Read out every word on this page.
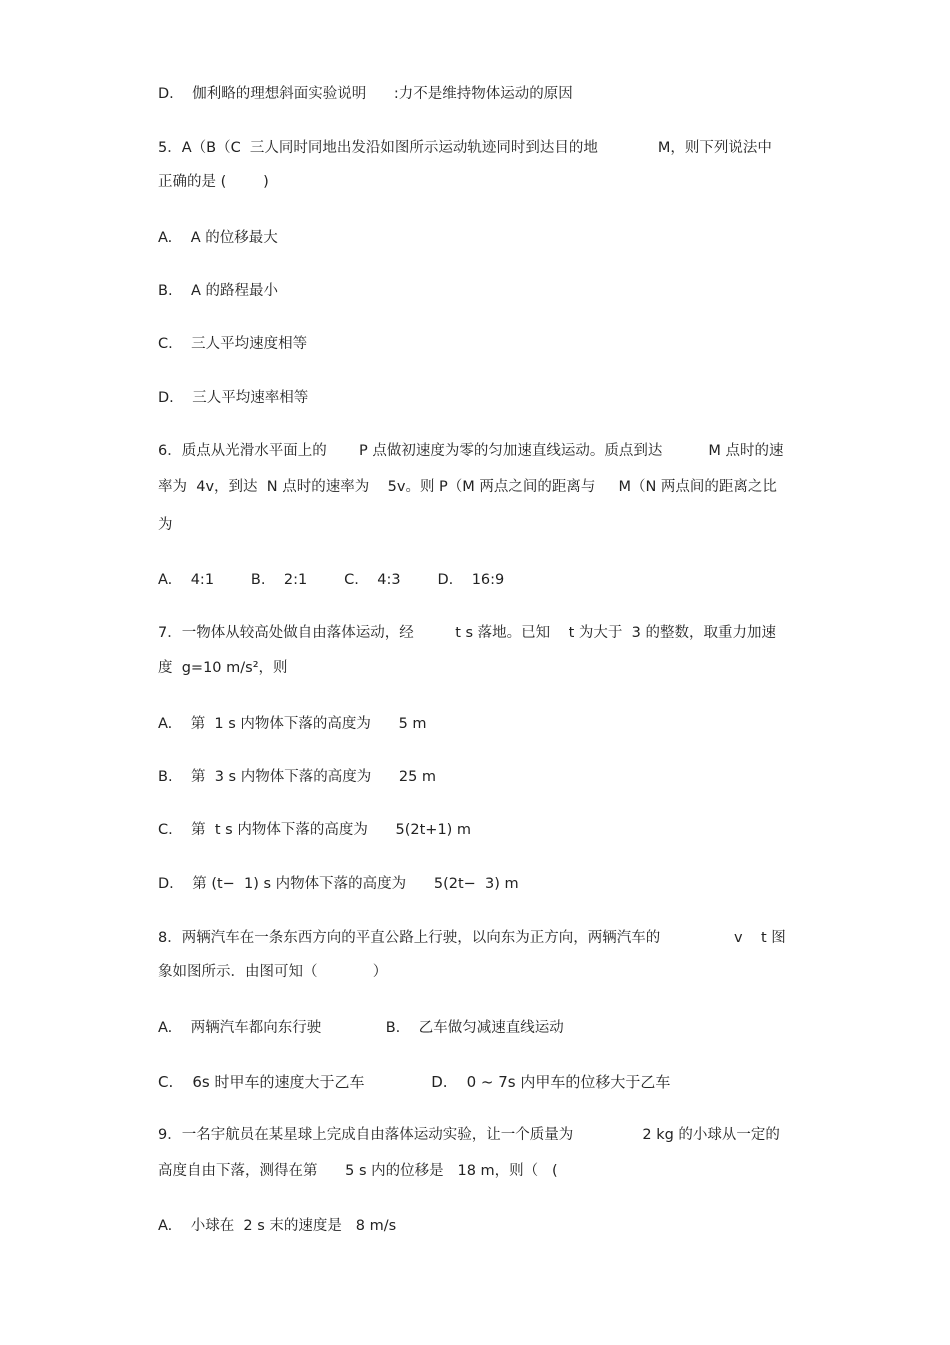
D.    伽利略的理想斜面实验说明      :力不是维持物体运动的原因
5．A（B（C  三人同时同地出发沿如图所示运动轨迹同时到达目的地             M，则下列说法中
正确的是 (        )
A.    A 的位移最大
B.    A 的路程最小
C.    三人平均速度相等
D.    三人平均速率相等
6．质点从光滑水平面上的       P 点做初速度为零的匀加速直线运动。质点到达          M 点时的速
率为  4v，到达  N 点时的速率为    5v。则 P（M 两点之间的距离与     M（N 两点间的距离之比
为
A.    4:1        B.    2:1        C.    4:3        D.    16:9
7．一物体从较高处做自由落体运动，经         t s 落地。已知    t 为大于  3 的整数，取重力加速
度  g=10 m/s²，则
A.    第  1 s 内物体下落的高度为      5 m
B.    第  3 s 内物体下落的高度为      25 m
C.    第  t s 内物体下落的高度为      5(2t+1) m
D.    第 (t−  1) s 内物体下落的高度为      5(2t−  3) m
8．两辆汽车在一条东西方向的平直公路上行驶，以向东为正方向，两辆汽车的                v    t 图
象如图所示．由图可知（            ）
A.    两辆汽车都向东行驶              B.    乙车做匀减速直线运动
C.    6s 时甲车的速度大于乙车              D.    0 ~ 7s 内甲车的位移大于乙车
9．一名宇航员在某星球上完成自由落体运动实验，让一个质量为               2 kg 的小球从一定的
高度自由下落，测得在第      5 s 内的位移是   18 m，则（   (
A.    小球在  2 s 末的速度是   8 m/s
